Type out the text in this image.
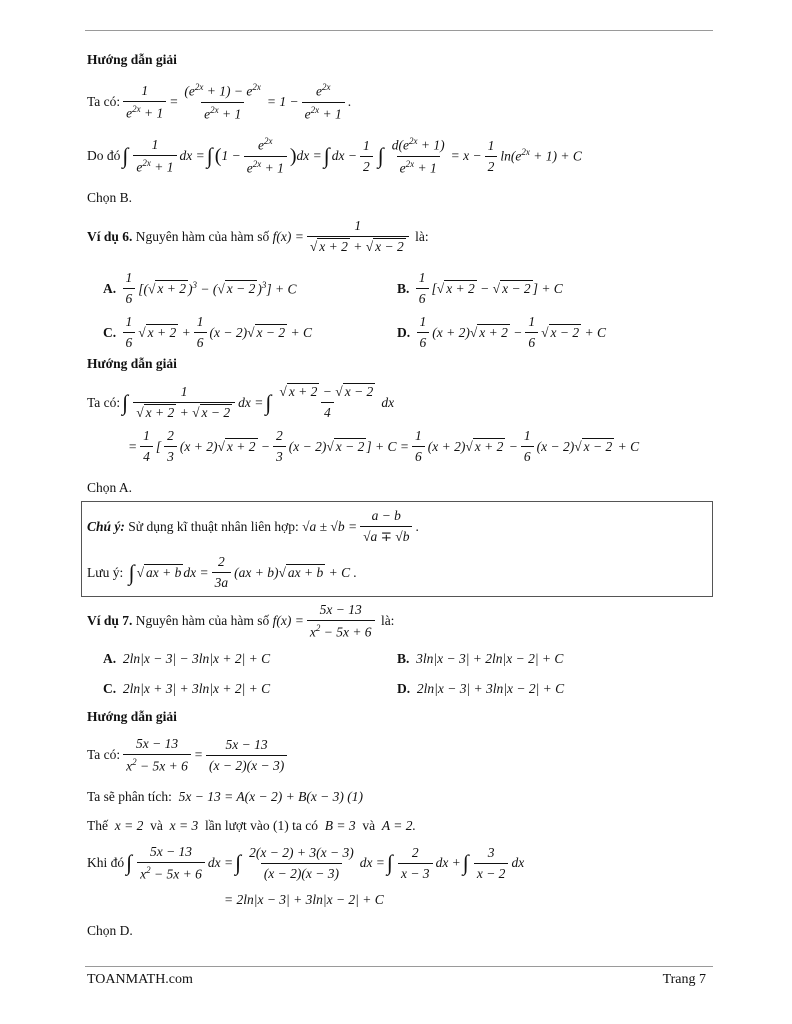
Hướng dẫn giải
Ta có: $\frac{1}{e^{2x} + 1} = \frac{(e^{2x} + 1) - e^{2x}}{e^{2x} + 1} = 1 - \frac{e^{2x}}{e^{2x} + 1}$ .
Do đó ∫ $\frac{1}{e^{2x} + 1}$ dx = ∫ ( $1 - \frac{e^{2x}}{e^{2x} + 1}$ ) dx = ∫ dx − $\frac{1}{2}$ ∫ $\frac{d(e^{2x} + 1)}{e^{2x} + 1} = x - \frac{1}{2} \ln(e^{2x} + 1) + C$
Chọn B.
Ví dụ 6.
Nguyên hàm của hàm số
$f(x) = \frac{1}{√ x + 2 + √ x - 2}$
là:
A.
$\frac{1}{6}$ [(√ x + 2 )$^3$ − (√ x − 2 )$^3$] + C	B.
$\frac{1}{6}$ [√ x + 2 − √ x − 2 ] + C
C.
$\frac{1}{6}$ √ $x + 2 + \frac{1}{6} (x - 2)√$ x − 2 + C	D.
$\frac{1}{6} (x + 2)√$ $x + 2 - \frac{1}{6}$ √ x − 2 + C
Hướng dẫn giải
Ta có: ∫ $\frac{1}{√ x + 2 + √ x - 2}$ dx = ∫ $\frac{√ x + 2 - √ x - 2}{4}$ dx
= $\frac{1}{4}$ [ $\frac{2}{3} (x + 2)√$ $x + 2 - \frac{2}{3} (x - 2)√$ x − 2 ] + $C = \frac{1}{6} (x + 2)√$ $x + 2 - \frac{1}{6} (x - 2)√$ x − 2 + C
Chọn A.
Chú ý:
Sử dụng kĩ thuật nhân liên hợp:
$√a \pm √b = \frac{a - b}{√a \mp √b}$ .
Lưu ý:
∫ √ ax + b dx = $\frac{2}{3a} (ax + b)√$ ax + b + C .
Ví dụ 7.
Nguyên hàm của hàm số
$f(x) = \frac{5x - 13}{x^2 - 5x + 6}$
là:
A. 2ln|x − 3| − 3ln|x + 2| + C	B. 3ln|x − 3| + 2ln|x − 2| + C
C. 2ln|x + 3| + 3ln|x + 2| + C	D. 2ln|x − 3| + 3ln|x − 2| + C
Hướng dẫn giải
Ta có: $\frac{5x - 13}{x^2 - 5x + 6} = \frac{5x - 13}{(x - 2)(x - 3)}$
Ta sẽ phân tích: 5x − 13 = A(x − 2) + B(x − 3) (1)
Thế x = 2 và x = 3 lần lượt vào (1) ta có B = 3 và A = 2.
Khi đó ∫ $\frac{5x - 13}{x^2 - 5x + 6}$ dx = ∫ $\frac{2(x - 2) + 3(x - 3)}{(x - 2)(x - 3)}$ dx = ∫ $\frac{2}{x - 3}$ dx + ∫ $\frac{3}{x - 2}$ dx
= 2ln|x − 3| + 3ln|x − 2| + C
Chọn D.
TOANMATH.com	Trang 7
